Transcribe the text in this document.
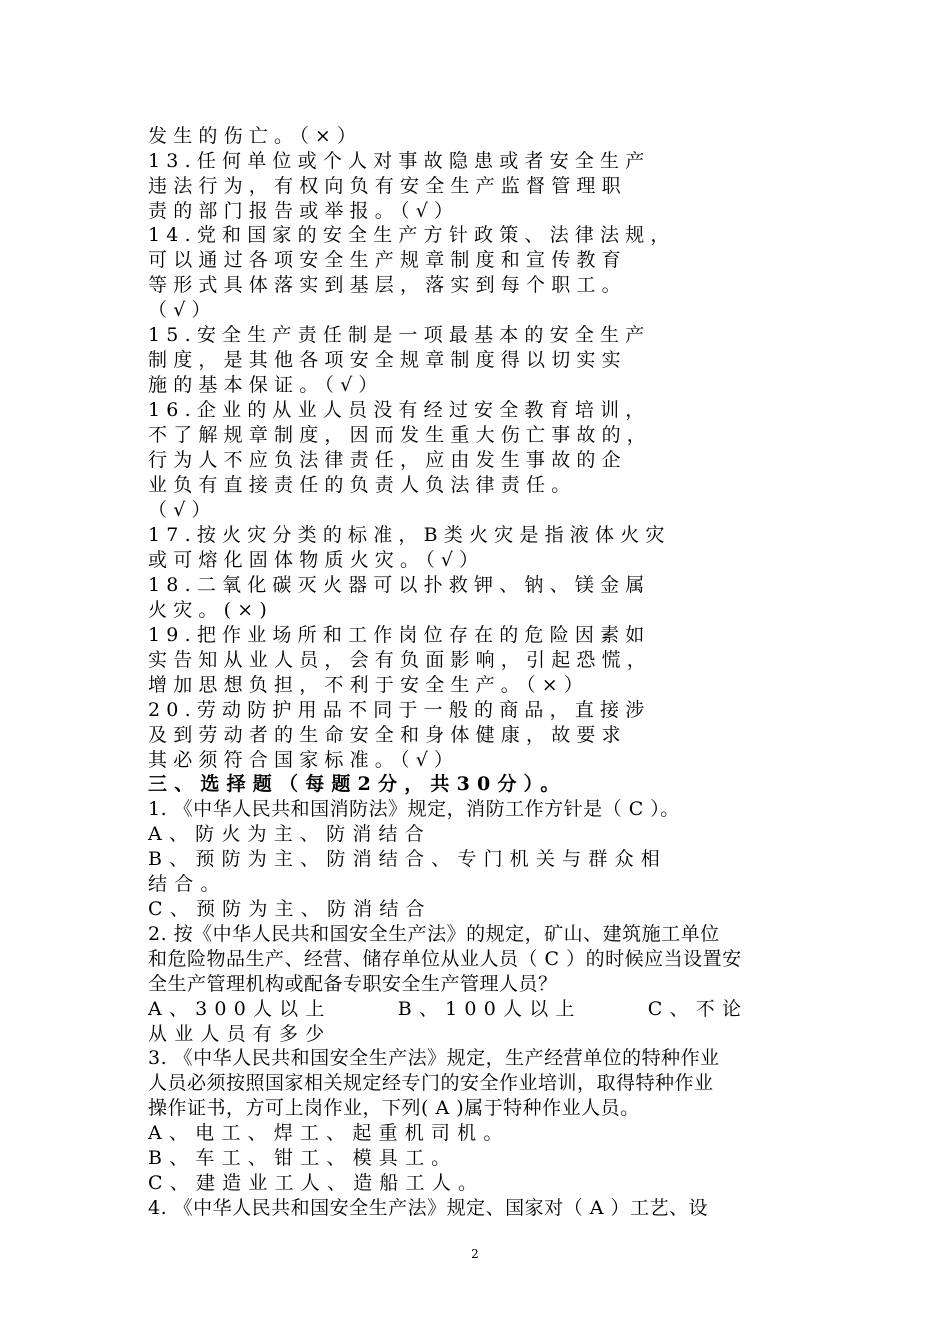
发生的伤亡。（×）
13.任何单位或个人对事故隐患或者安全生产
违法行为，有权向负有安全生产监督管理职
责的部门报告或举报。（√）
14.党和国家的安全生产方针政策、法律法规，
可以通过各项安全生产规章制度和宣传教育
等形式具体落实到基层，落实到每个职工。
（√）
15.安全生产责任制是一项最基本的安全生产
制度，是其他各项安全规章制度得以切实实
施的基本保证。（√）
16.企业的从业人员没有经过安全教育培训，
不了解规章制度，因而发生重大伤亡事故的，
行为人不应负法律责任，应由发生事故的企
业负有直接责任的负责人负法律责任。
（√）
17.按火灾分类的标准，B类火灾是指液体火灾
或可熔化固体物质火灾。（√）
18.二氧化碳灭火器可以扑救钾、钠、镁金属
火灾。(×)
19.把作业场所和工作岗位存在的危险因素如
实告知从业人员，会有负面影响，引起恐慌，
增加思想负担，不利于安全生产。（×）
20.劳动防护用品不同于一般的商品，直接涉
及到劳动者的生命安全和身体健康，故要求
其必须符合国家标准。（√）
三、选择题（每题2分，共30分）。
1. 《中华人民共和国消防法》规定，消防工作方针是（ C ）。
A、防火为主、防消结合
B、预防为主、防消结合、专门机关与群众相
结合。
C、预防为主、防消结合
2. 按《中华人民共和国安全生产法》的规定，矿山、建筑施工单位
和危险物品生产、经营、储存单位从业人员（ C ）的时候应当设置安
全生产管理机构或配备专职安全生产管理人员？
A、300人以上     B、100人以上     C、不论
从业人员有多少
3. 《中华人民共和国安全生产法》规定，生产经营单位的特种作业
人员必须按照国家相关规定经专门的安全作业培训，取得特种作业
操作证书，方可上岗作业，下列( A )属于特种作业人员。
A、电工、焊工、起重机司机。
B、车工、钳工、模具工。
C、建造业工人、造船工人。
4. 《中华人民共和国安全生产法》规定、国家对（ A ）工艺、设
2
